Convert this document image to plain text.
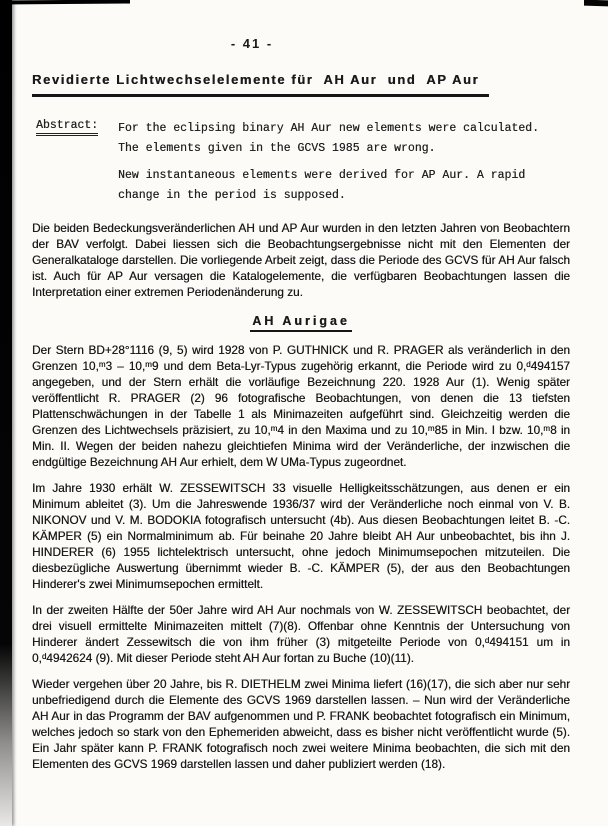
- 41 -
Revidierte Lichtwechselelemente für  AH Aur  und  AP Aur
Abstract:	For the eclipsing binary AH Aur new elements were calculated.
The elements given in the GCVS 1985 are wrong.
New instantaneous elements were derived for AP Aur. A rapid
change in the period is supposed.
Die beiden Bedeckungsveränderlichen AH und AP Aur wurden in den letzten Jahren von Beobachtern der BAV verfolgt. Dabei liessen sich die Beobachtungsergebnisse nicht mit den Elementen der Generalkataloge darstellen. Die vorliegende Arbeit zeigt, dass die Periode des GCVS für AH Aur falsch ist. Auch für AP Aur versagen die Katalogelemente, die verfügbaren Beobachtungen lassen die Interpretation einer extremen Periodenänderung zu.
AH Aurigae
Der Stern BD+28°1116 (9, 5) wird 1928 von P. GUTHNICK und R. PRAGER als veränderlich in den Grenzen 10,ᵐ3 – 10,ᵐ9 und dem Beta-Lyr-Typus zugehörig erkannt, die Periode wird zu 0,ᵈ494157 angegeben, und der Stern erhält die vorläufige Bezeichnung 220. 1928 Aur (1). Wenig später veröffentlicht R. PRAGER (2) 96 fotografische Beobachtungen, von denen die 13 tiefsten Plattenschwächungen in der Tabelle 1 als Minimazeiten aufgeführt sind. Gleichzeitig werden die Grenzen des Lichtwechsels präzisiert, zu 10,ᵐ4 in den Maxima und zu 10,ᵐ85 in Min. I bzw. 10,ᵐ8 in Min. II. Wegen der beiden nahezu gleichtiefen Minima wird der Veränderliche, der inzwischen die endgültige Bezeichnung AH Aur erhielt, dem W UMa-Typus zugeordnet.
Im Jahre 1930 erhält W. ZESSEWITSCH 33 visuelle Helligkeitsschätzungen, aus denen er ein Minimum ableitet (3). Um die Jahreswende 1936/37 wird der Veränderliche noch einmal von V. B. NIKONOV und V. M. BODOKIA fotografisch untersucht (4b). Aus diesen Beobachtungen leitet B. -C. KÄMPER (5) ein Normalminimum ab. Für beinahe 20 Jahre bleibt AH Aur unbeobachtet, bis ihn J. HINDERER (6) 1955 lichtelektrisch untersucht, ohne jedoch Minimumsepochen mitzuteilen. Die diesbezügliche Auswertung übernimmt wieder B. -C. KÄMPER (5), der aus den Beobachtungen Hinderer's zwei Minimumsepochen ermittelt.
In der zweiten Hälfte der 50er Jahre wird AH Aur nochmals von W. ZESSEWITSCH beobachtet, der drei visuell ermittelte Minimazeiten mittelt (7)(8). Offenbar ohne Kenntnis der Untersuchung von Hinderer ändert Zessewitsch die von ihm früher (3) mitgeteilte Periode von 0,ᵈ494151 um in 0,ᵈ4942624 (9). Mit dieser Periode steht AH Aur fortan zu Buche (10)(11).
Wieder vergehen über 20 Jahre, bis R. DIETHELM zwei Minima liefert (16)(17), die sich aber nur sehr unbefriedigend durch die Elemente des GCVS 1969 darstellen lassen. – Nun wird der Veränderliche AH Aur in das Programm der BAV aufgenommen und P. FRANK beobachtet fotografisch ein Minimum, welches jedoch so stark von den Ephemeriden abweicht, dass es bisher nicht veröffentlicht wurde (5). Ein Jahr später kann P. FRANK fotografisch noch zwei weitere Minima beobachten, die sich mit den Elementen des GCVS 1969 darstellen lassen und daher publiziert werden (18).
